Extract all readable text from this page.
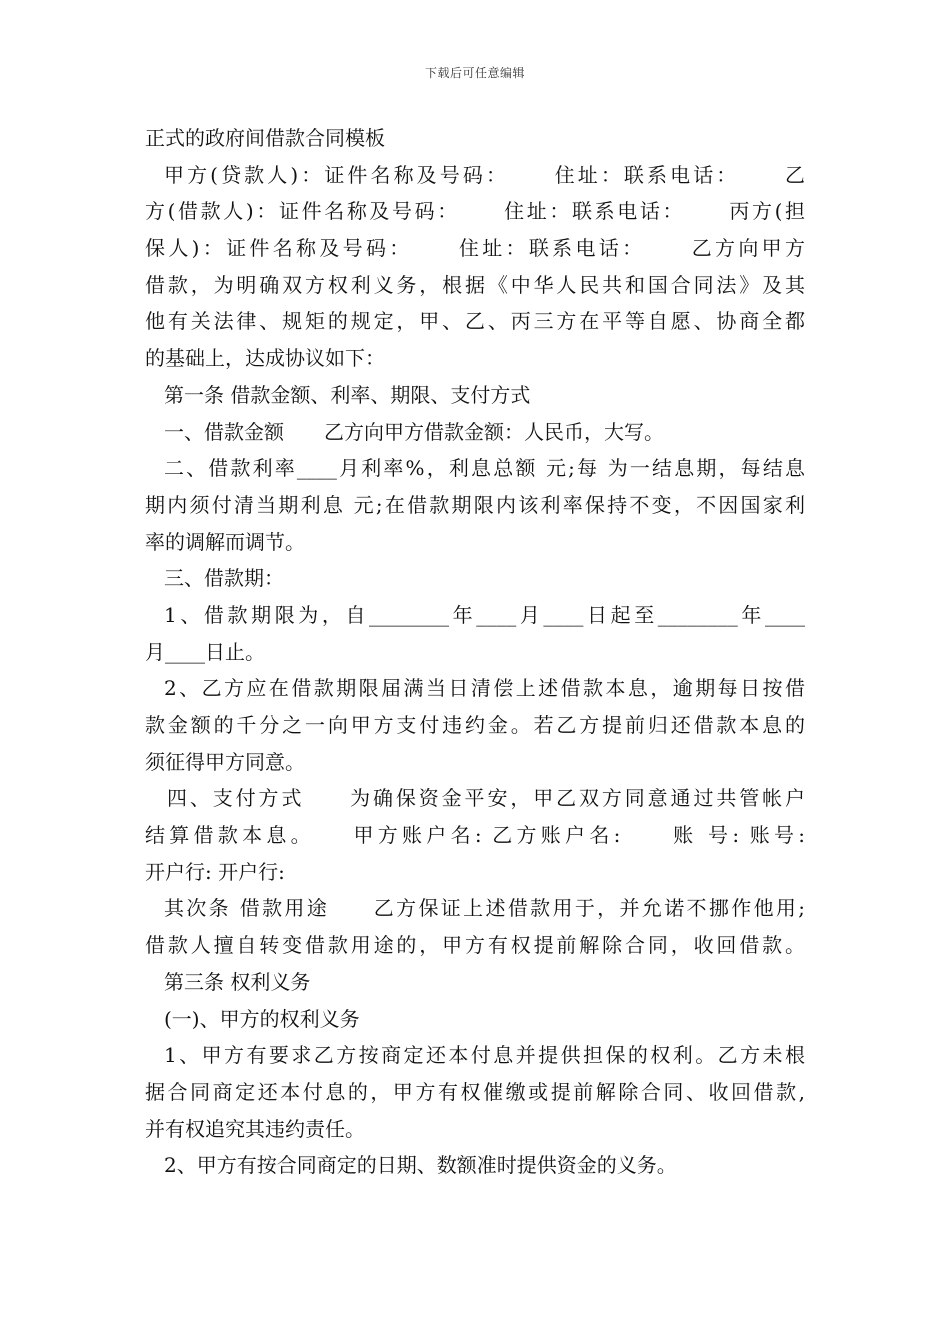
下载后可任意编辑
正式的政府间借款合同模板
甲方(贷款人)：证件名称及号码：　　 住址：联系电话：　　 乙
方(借款人)：证件名称及号码：　　 住址：联系电话：　　 丙方(担
保人)：证件名称及号码：　　 住址：联系电话：　　 乙方向甲方
借款，为明确双方权利义务，根据《中华人民共和国合同法》及其
他有关法律、规矩的规定，甲、乙、丙三方在平等自愿、协商全都
的基础上，达成协议如下：
第一条 借款金额、利率、期限、支付方式
一、借款金额　　乙方向甲方借款金额：人民币，大写。
二、借款利率____月利率%，利息总额 元;每 为一结息期，每结息
期内须付清当期利息 元;在借款期限内该利率保持不变，不因国家利
率的调解而调节。
三、借款期：
1、借款期限为，自________年____月____日起至________年____
月____日止。
2、乙方应在借款期限届满当日清偿上述借款本息，逾期每日按借
款金额的千分之一向甲方支付违约金。若乙方提前归还借款本息的
须征得甲方同意。
四、支付方式　　为确保资金平安，甲乙双方同意通过共管帐户
结算借款本息。　　甲方账户名: 乙方账户名:　　账 号: 账号:
开户行: 开户行:
其次条 借款用途　　乙方保证上述借款用于，并允诺不挪作他用;
借款人擅自转变借款用途的，甲方有权提前解除合同，收回借款。
第三条 权利义务
(一)、甲方的权利义务
1、甲方有要求乙方按商定还本付息并提供担保的权利。乙方未根
据合同商定还本付息的，甲方有权催缴或提前解除合同、收回借款,
并有权追究其违约责任。
2、甲方有按合同商定的日期、数额准时提供资金的义务。
